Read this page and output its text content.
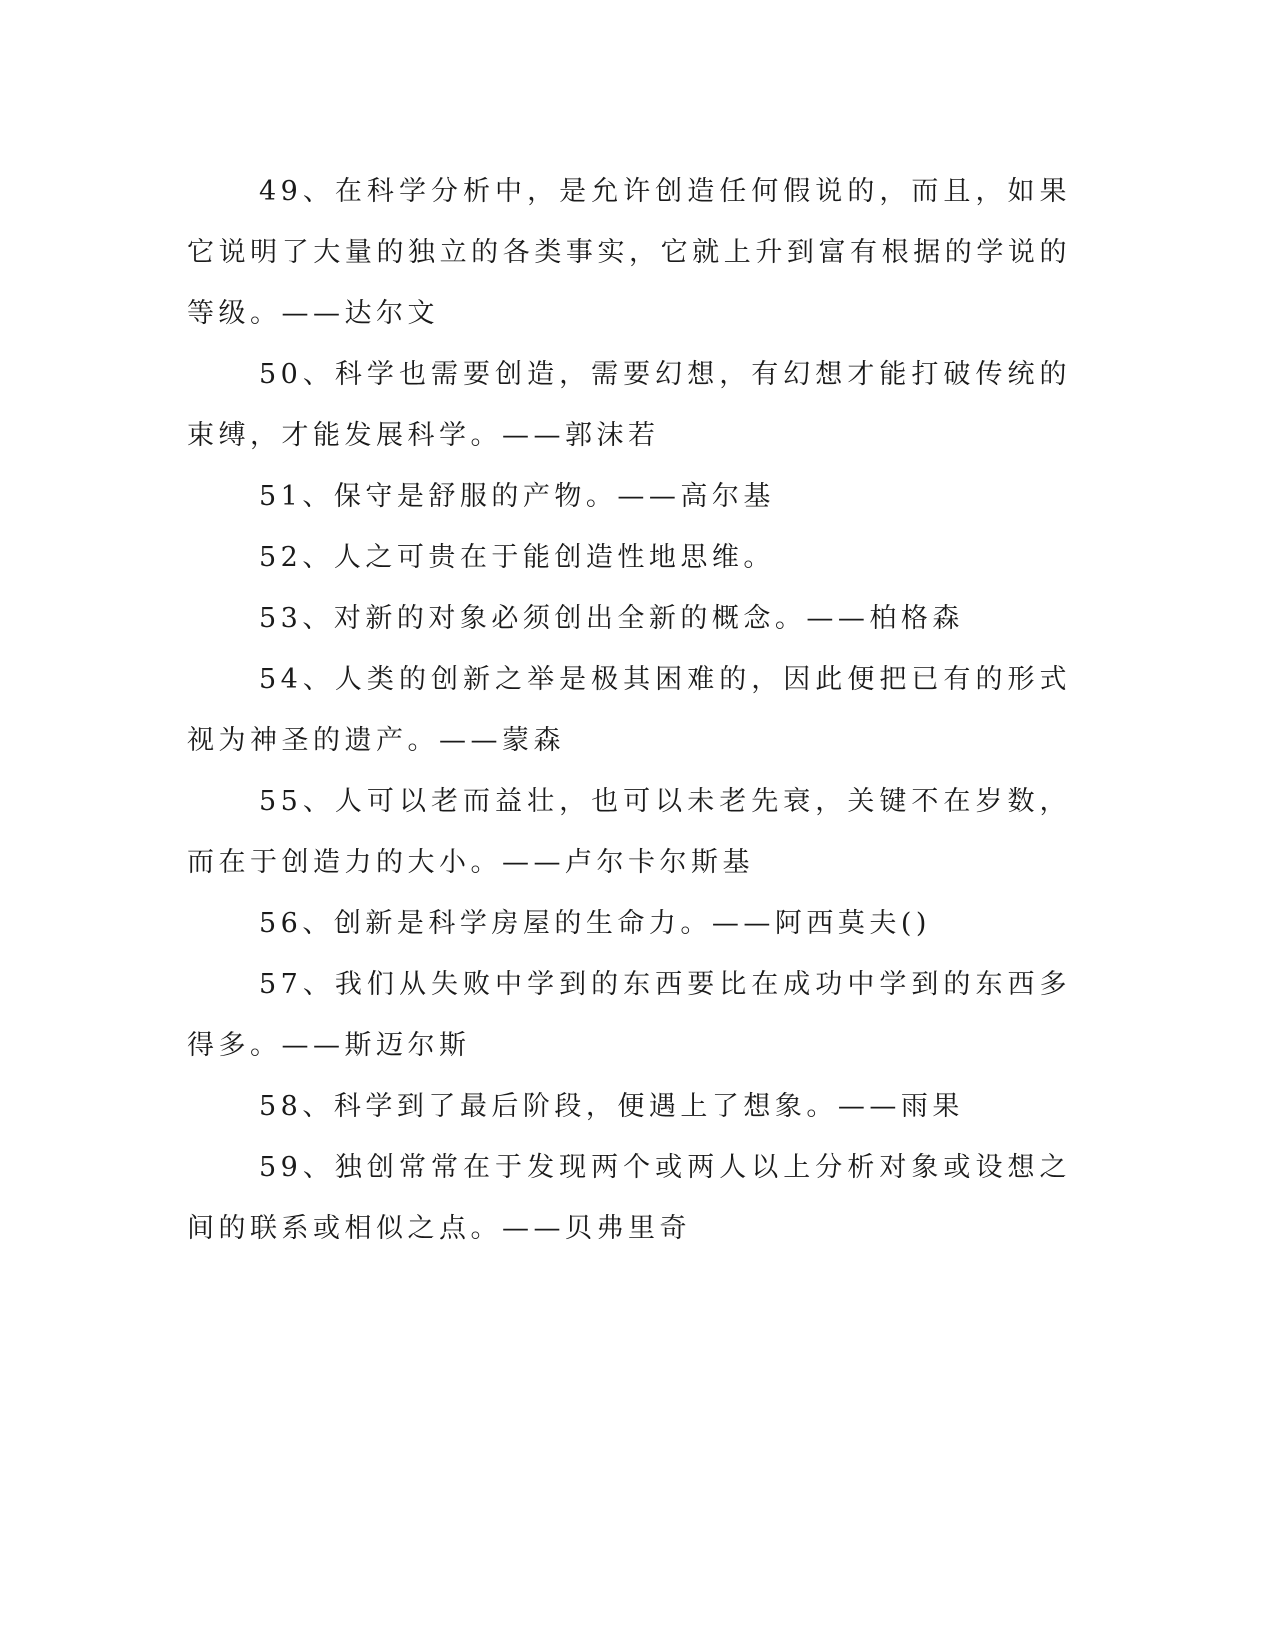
49、在科学分析中，是允许创造任何假说的，而且，如果它说明了大量的独立的各类事实，它就上升到富有根据的学说的等级。——达尔文

50、科学也需要创造，需要幻想，有幻想才能打破传统的束缚，才能发展科学。——郭沫若

51、保守是舒服的产物。——高尔基

52、人之可贵在于能创造性地思维。

53、对新的对象必须创出全新的概念。——柏格森

54、人类的创新之举是极其困难的，因此便把已有的形式视为神圣的遗产。——蒙森

55、人可以老而益壮，也可以未老先衰，关键不在岁数，而在于创造力的大小。——卢尔卡尔斯基

56、创新是科学房屋的生命力。——阿西莫夫()

57、我们从失败中学到的东西要比在成功中学到的东西多得多。——斯迈尔斯

58、科学到了最后阶段，便遇上了想象。——雨果

59、独创常常在于发现两个或两人以上分析对象或设想之间的联系或相似之点。——贝弗里奇
